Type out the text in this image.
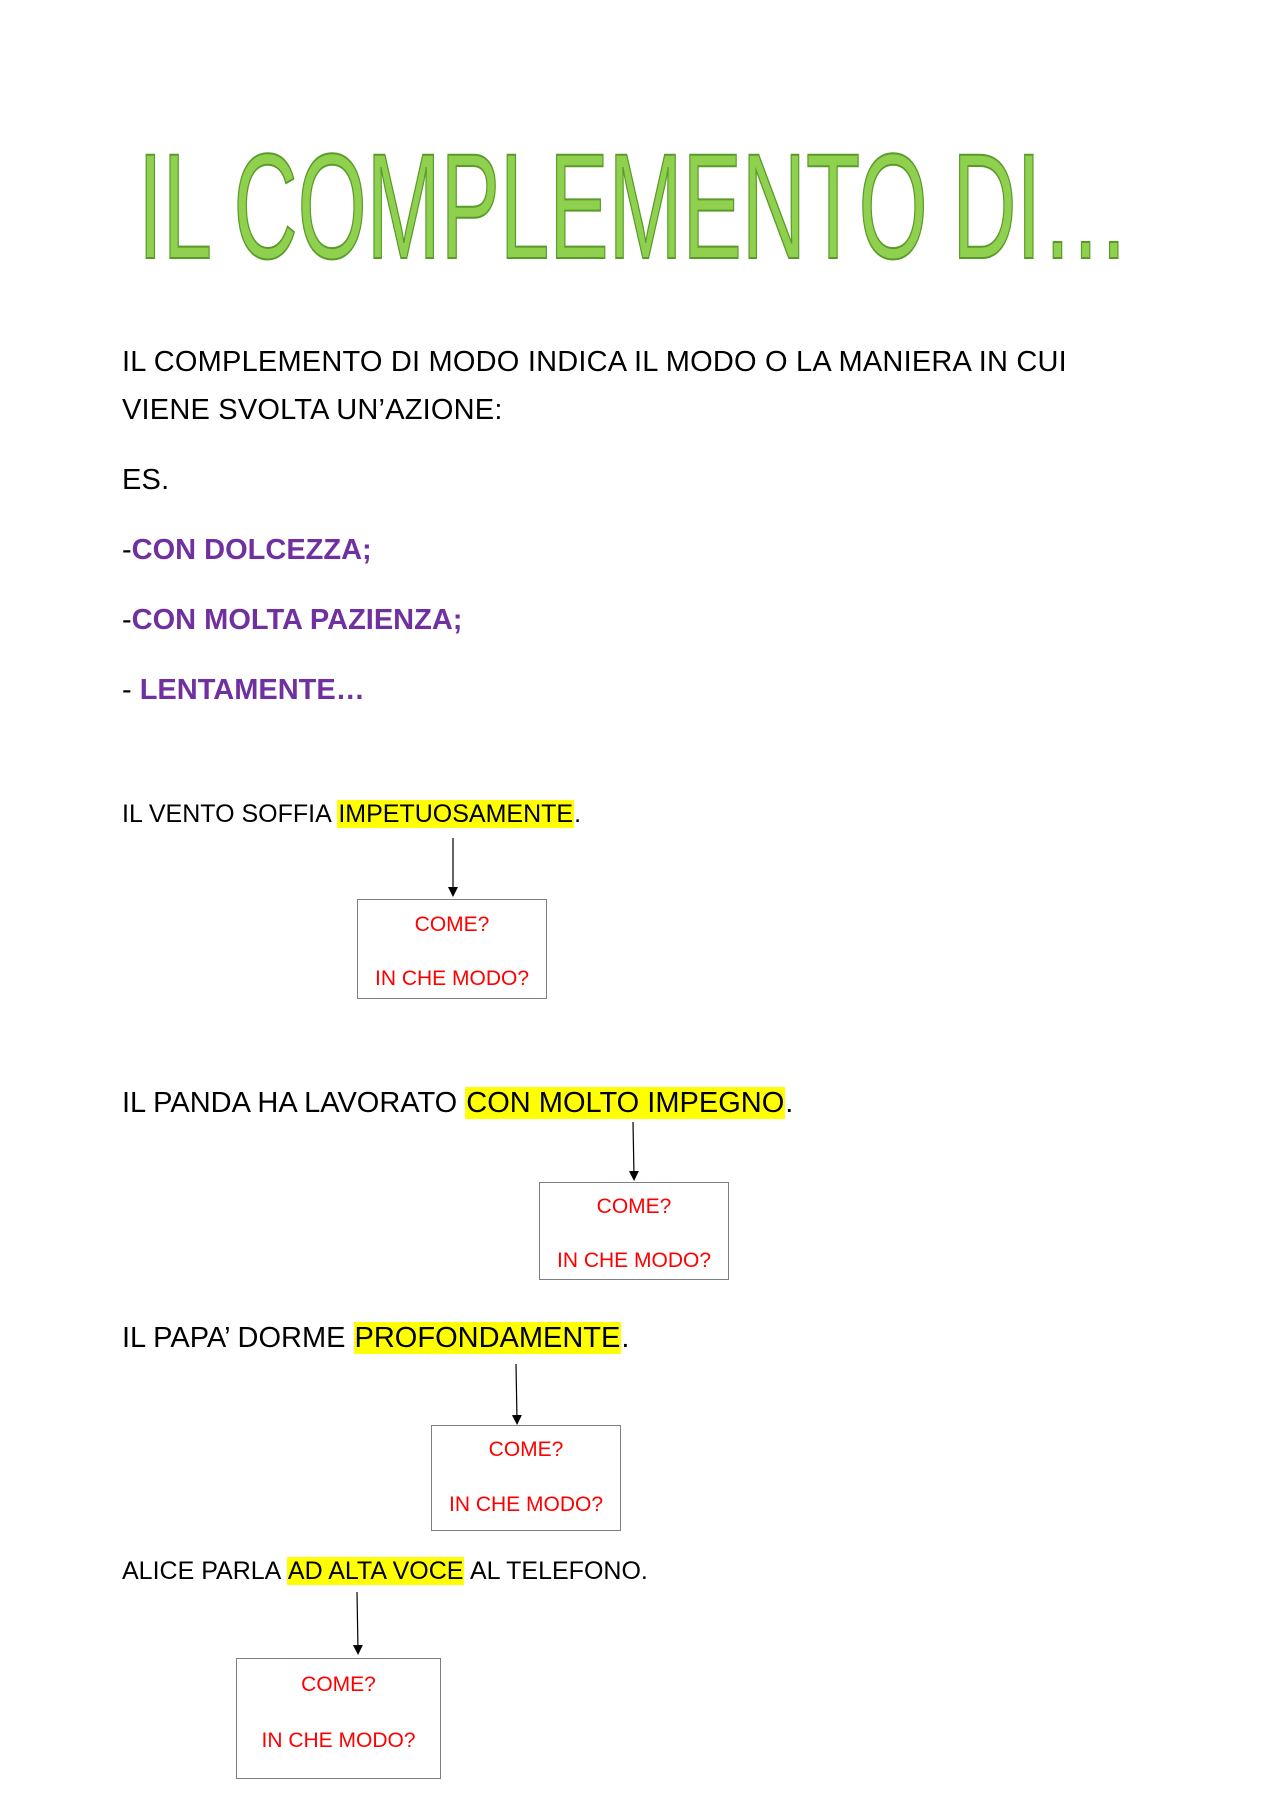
IL COMPLEMENTO DI…
IL COMPLEMENTO DI MODO INDICA IL MODO O LA MANIERA IN CUI
VIENE SVOLTA UN’AZIONE:
ES.
-CON DOLCEZZA;
-CON MOLTA PAZIENZA;
- LENTAMENTE…
IL VENTO SOFFIA IMPETUOSAMENTE.
COME?
IN CHE MODO?
IL PANDA HA LAVORATO CON MOLTO IMPEGNO.
COME?
IN CHE MODO?
IL PAPA’ DORME PROFONDAMENTE.
COME?
IN CHE MODO?
ALICE PARLA AD ALTA VOCE AL TELEFONO.
COME?
IN CHE MODO?
